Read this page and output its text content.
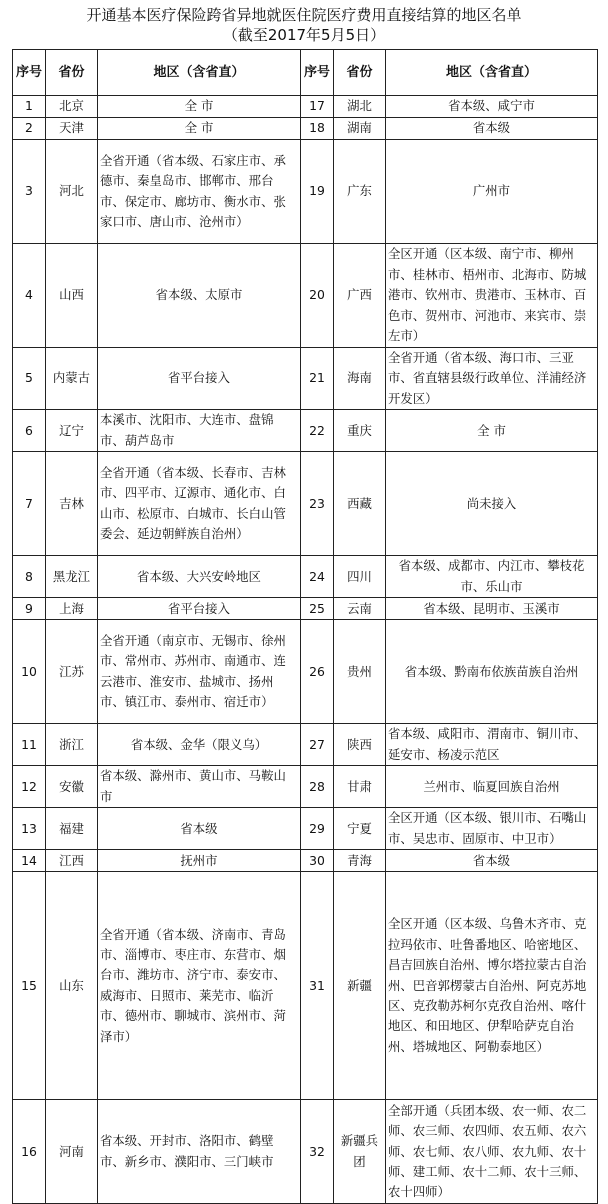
开通基本医疗保险跨省异地就医住院医疗费用直接结算的地区名单
（截至2017年5月5日）
序号	省份	地区（含省直）	序号	省份	地区（含省直）
1	北京	全 市	17	湖北	省本级、咸宁市
2	天津	全 市	18	湖南	省本级
3	河北	全省开通（省本级、石家庄市、承德市、秦皇岛市、邯郸市、邢台市、保定市、廊坊市、衡水市、张家口市、唐山市、沧州市）	19	广东	广州市
4	山西	省本级、太原市	20	广西	全区开通（区本级、南宁市、柳州市、桂林市、梧州市、北海市、防城港市、钦州市、贵港市、玉林市、百色市、贺州市、河池市、来宾市、崇左市）
5	内蒙古	省平台接入	21	海南	全省开通（省本级、海口市、三亚市、省直辖县级行政单位、洋浦经济开发区）
6	辽宁	本溪市、沈阳市、大连市、盘锦市、葫芦岛市	22	重庆	全 市
7	吉林	全省开通（省本级、长春市、吉林市、四平市、辽源市、通化市、白山市、松原市、白城市、长白山管委会、延边朝鲜族自治州）	23	西藏	尚未接入
8	黑龙江	省本级、大兴安岭地区	24	四川	省本级、成都市、内江市、攀枝花市、乐山市
9	上海	省平台接入	25	云南	省本级、昆明市、玉溪市
10	江苏	全省开通（南京市、无锡市、徐州市、常州市、苏州市、南通市、连云港市、淮安市、盐城市、扬州市、镇江市、泰州市、宿迁市）	26	贵州	省本级、黔南布依族苗族自治州
11	浙江	省本级、金华（限义乌）	27	陕西	省本级、咸阳市、渭南市、铜川市、延安市、杨凌示范区
12	安徽	省本级、滁州市、黄山市、马鞍山市	28	甘肃	兰州市、临夏回族自治州
13	福建	省本级	29	宁夏	全区开通（区本级、银川市、石嘴山市、吴忠市、固原市、中卫市）
14	江西	抚州市	30	青海	省本级
15	山东	全省开通（省本级、济南市、青岛市、淄博市、枣庄市、东营市、烟台市、潍坊市、济宁市、泰安市、威海市、日照市、莱芜市、临沂市、德州市、聊城市、滨州市、菏泽市）	31	新疆	全区开通（区本级、乌鲁木齐市、克拉玛依市、吐鲁番地区、哈密地区、昌吉回族自治州、博尔塔拉蒙古自治州、巴音郭楞蒙古自治州、阿克苏地区、克孜勒苏柯尔克孜自治州、喀什地区、和田地区、伊犁哈萨克自治州、塔城地区、阿勒泰地区）

16	河南	省本级、开封市、洛阳市、鹤壁市、新乡市、濮阳市、三门峡市	32	新疆兵团	全部开通（兵团本级、农一师、农二师、农三师、农四师、农五师、农六师、农七师、农八师、农九师、农十师、建工师、农十二师、农十三师、农十四师）
